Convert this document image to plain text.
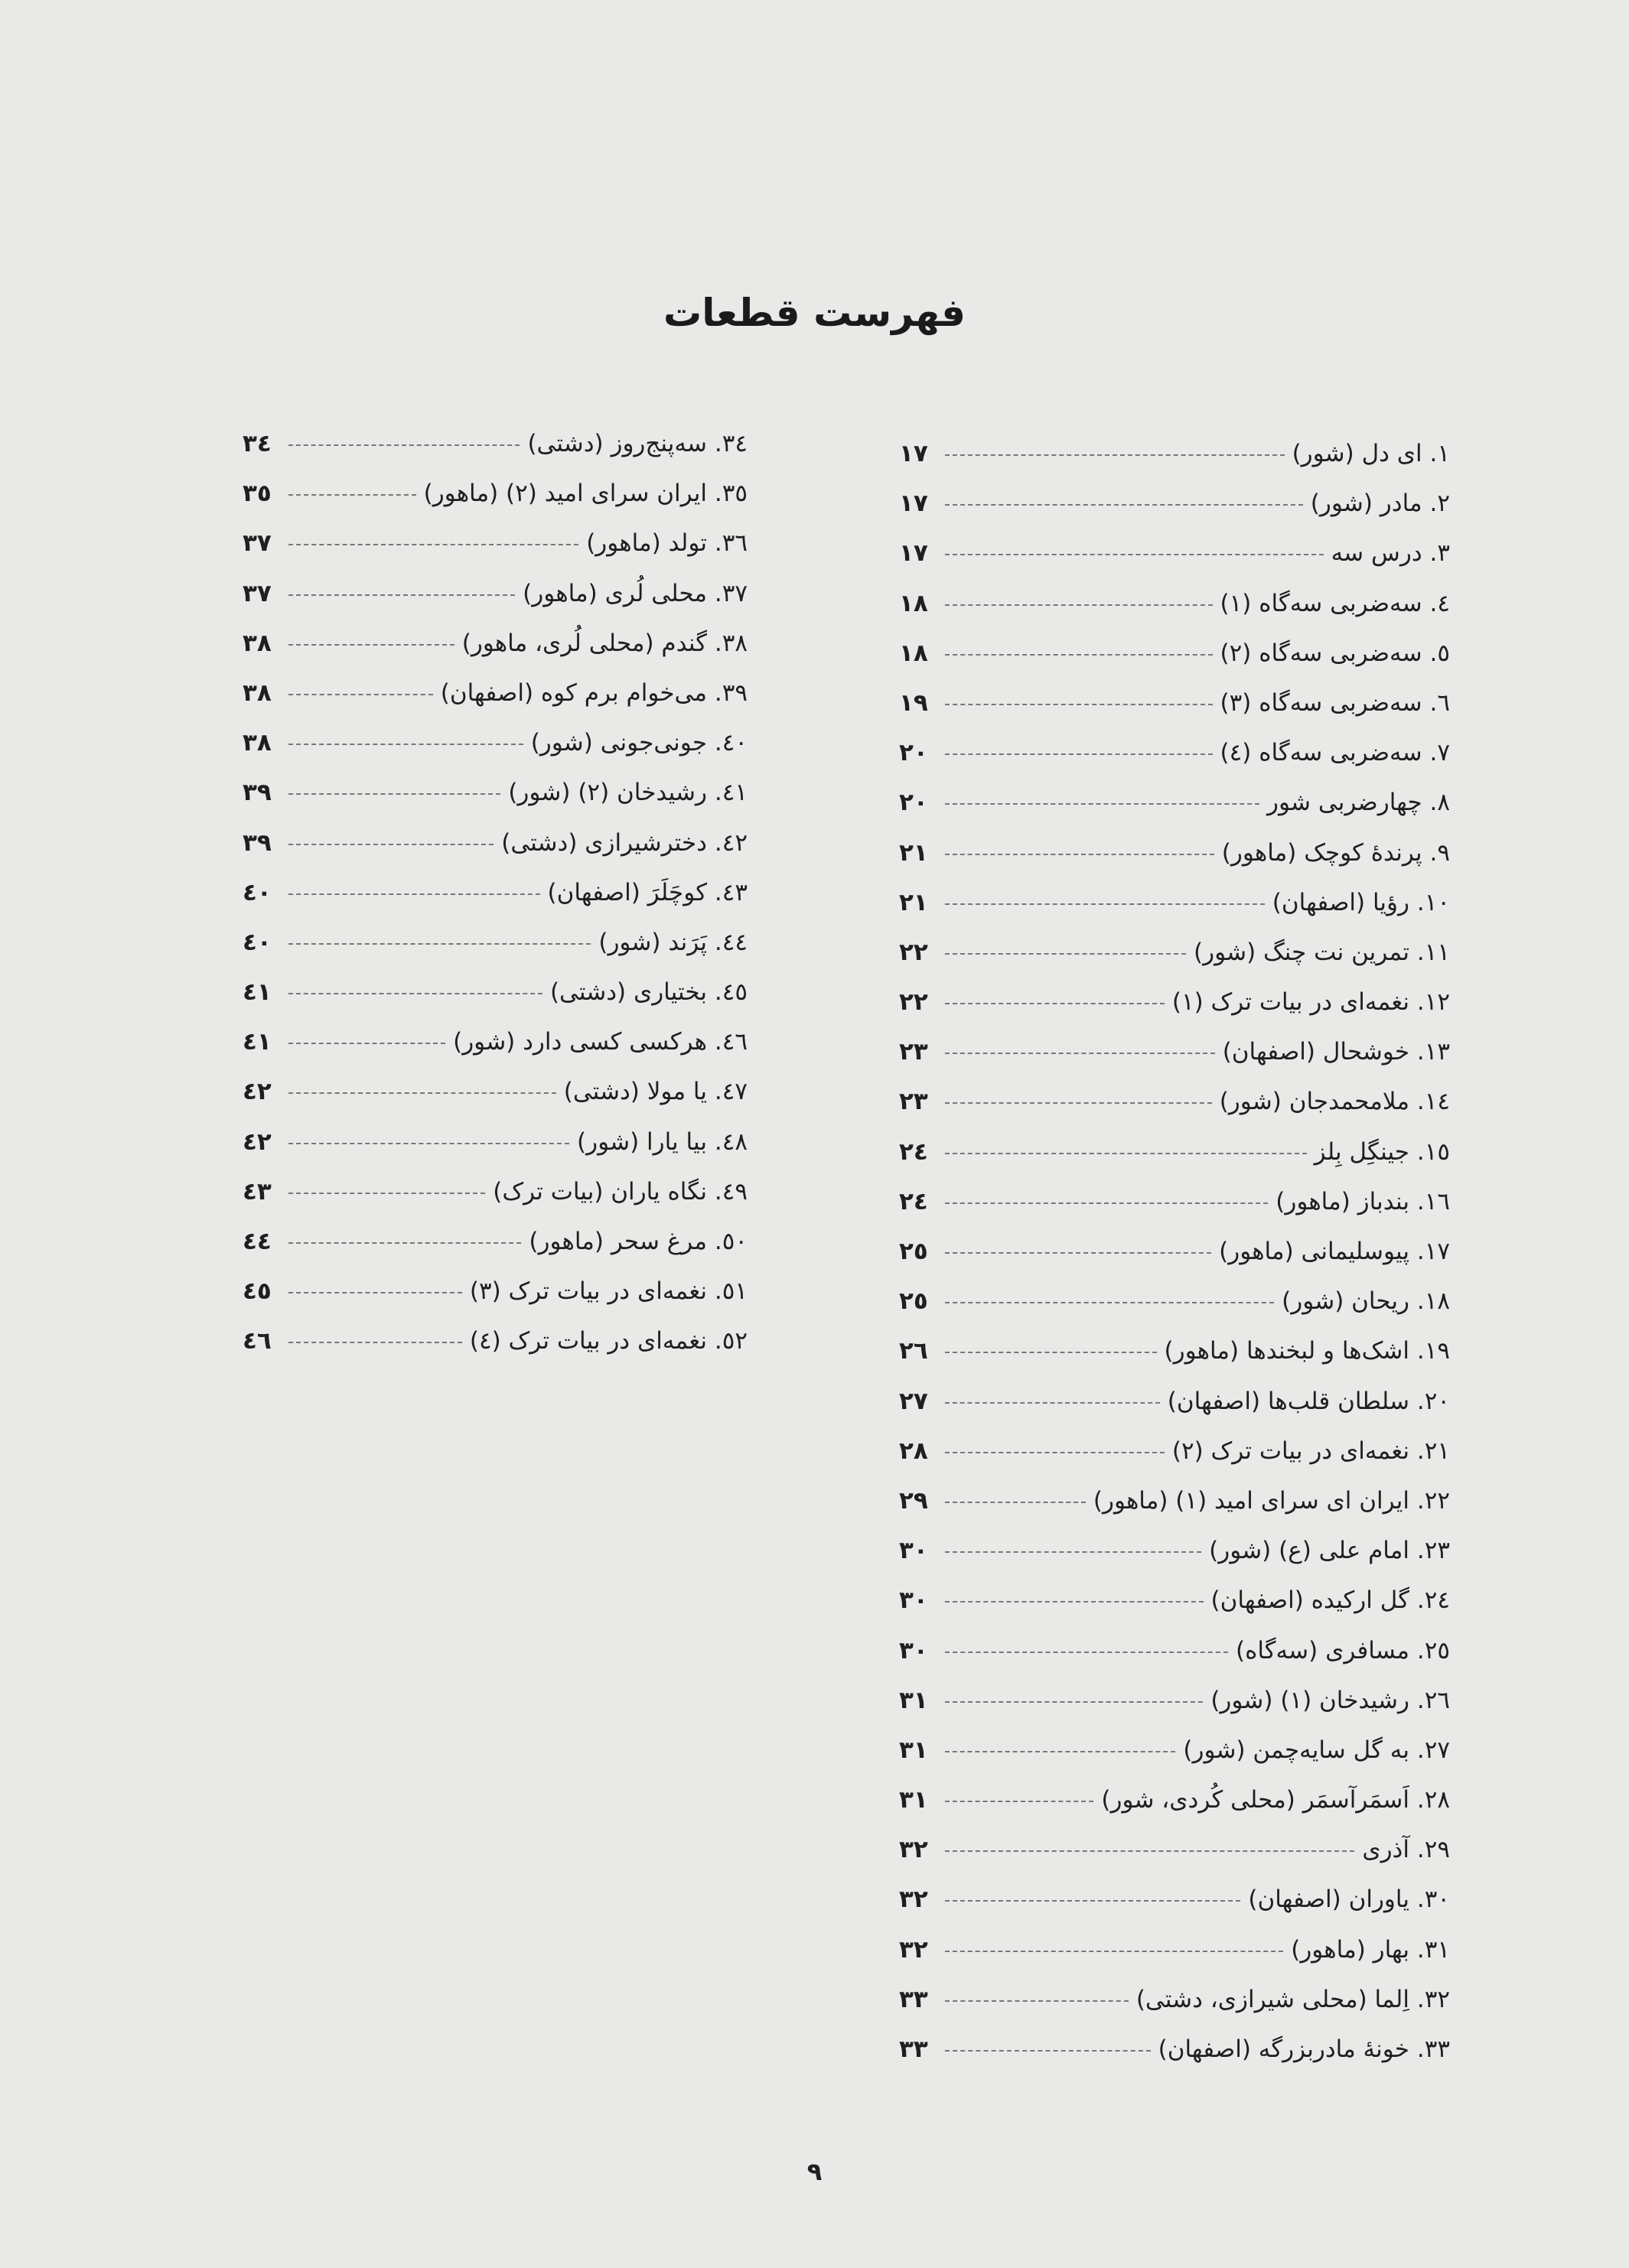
فهرست قطعات
۱. ای دل (شور)
۱۷
۲. مادر (شور)
۱۷
۳. درس سه
۱۷
٤. سه‌ضربی سه‌گاه (۱)
۱۸
٥. سه‌ضربی سه‌گاه (۲)
۱۸
٦. سه‌ضربی سه‌گاه (۳)
۱۹
۷. سه‌ضربی سه‌گاه (٤)
۲۰
۸. چهارضربی شور
۲۰
۹. پرندهٔ کوچک (ماهور)
۲۱
۱۰. رؤیا (اصفهان)
۲۱
۱۱. تمرین نت چنگ (شور)
۲۲
۱۲. نغمه‌ای در بیات ترک (۱)
۲۲
۱۳. خوشحال (اصفهان)
۲۳
۱٤. ملامحمدجان (شور)
۲۳
۱٥. جینگِل بِلز
۲٤
۱٦. بندباز (ماهور)
۲٤
۱۷. پیوسلیمانی (ماهور)
۲٥
۱۸. ریحان (شور)
۲٥
۱۹. اشک‌ها و لبخندها (ماهور)
۲٦
۲۰. سلطان قلب‌ها (اصفهان)
۲۷
۲۱. نغمه‌ای در بیات ترک (۲)
۲۸
۲۲. ایران ای سرای امید (۱) (ماهور)
۲۹
۲۳. امام علی (ع) (شور)
۳۰
۲٤. گل ارکیده (اصفهان)
۳۰
۲٥. مسافری (سه‌گاه)
۳۰
۲٦. رشیدخان (۱) (شور)
۳۱
۲۷. به گل سایه‌چمن (شور)
۳۱
۲۸. اَسمَرآسمَر (محلی کُردی، شور)
۳۱
۲۹. آذری
۳۲
۳۰. یاوران (اصفهان)
۳۲
۳۱. بهار (ماهور)
۳۲
۳۲. اِلما (محلی شیرازی، دشتی)
۳۳
۳۳. خونهٔ مادربزرگه (اصفهان)
۳۳
۳٤. سه‌پنج‌روز (دشتی)
۳٤
۳٥. ایران سرای امید (۲) (ماهور)
۳٥
۳٦. تولد (ماهور)
۳۷
۳۷. محلی لُری (ماهور)
۳۷
۳۸. گندم (محلی لُری، ماهور)
۳۸
۳۹. می‌خوام برم کوه (اصفهان)
۳۸
٤۰. جونی‌جونی (شور)
۳۸
٤۱. رشیدخان (۲) (شور)
۳۹
٤۲. دخترشیرازی (دشتی)
۳۹
٤۳. کوچَلَرَ (اصفهان)
٤۰
٤٤. پَرَند (شور)
٤۰
٤٥. بختیاری (دشتی)
٤۱
٤٦. هرکسی کسی دارد (شور)
٤۱
٤۷. یا مولا (دشتی)
٤۲
٤۸. بیا یارا (شور)
٤۲
٤۹. نگاه یاران (بیات ترک)
٤۳
٥۰. مرغ سحر (ماهور)
٤٤
٥۱. نغمه‌ای در بیات ترک (۳)
٤٥
٥۲. نغمه‌ای در بیات ترک (٤)
٤٦
۹
